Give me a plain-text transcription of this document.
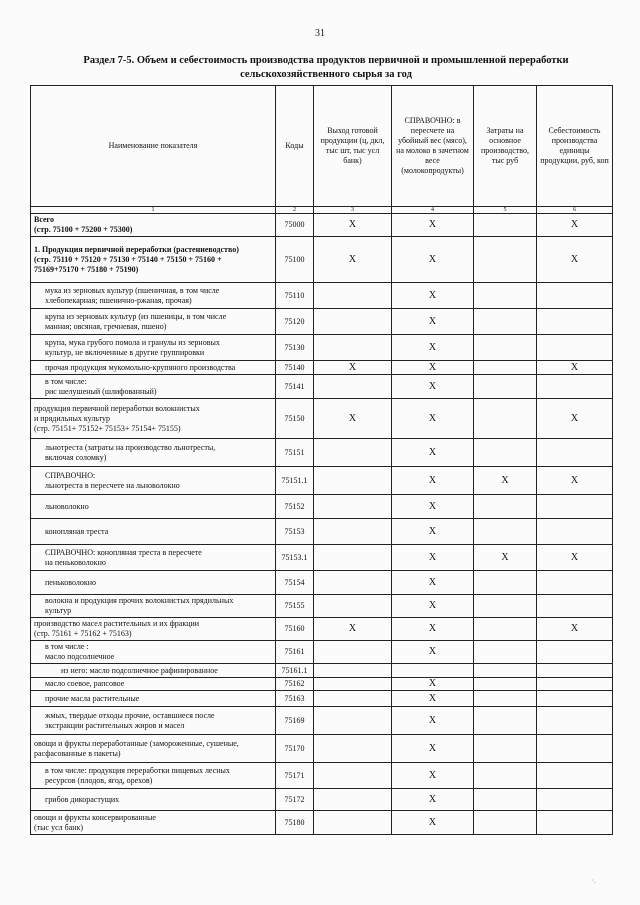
31
Раздел 7-5. Объем и себестоимость производства продуктов первичной и промышленной переработки
сельскохозяйственного сырья за год
Наименование показателя	Коды	Выход готовой продукции (ц, дкл, тыс шт, тыс усл банк)	СПРАВОЧНО: в пересчете на убойный вес (мясо), на молоко в зачетном весе (молокопродукты)	Затраты на основное производство, тыс руб	Себестоимость производства единицы продукции, руб, коп
1	2	3	4	5	6
Всего
(стр. 75100 + 75200 + 75300)	75000	X	X		X
1. Продукция первичной переработки (растениеводство)
(стр. 75110 + 75120 + 75130 + 75140 + 75150 + 75160 +
75169+75170 + 75180 + 75190)	75100	X	X		X
мука из зерновых культур (пшеничная, в том числе
хлебопекарная; пшенично-ржаная, прочая)	75110		X		
крупа из зерновых культур (из пшеницы, в том числе
манная; овсяная, гречневая, пшено)	75120		X		
крупа, мука грубого помола и гранулы из зерновых
культур, не включенные в другие группировки	75130		X		
прочая продукция мукомольно-крупяного производства	75140	X	X		X
в том числе:
рис шелушеный (шлифованный)	75141		X		
продукция первичной переработки волокнистых
и прядильных культур
(стр. 75151+ 75152+ 75153+ 75154+ 75155)	75150	X	X		X
льнотреста (затраты на производство льнотресты,
включая соломку)	75151		X		
СПРАВОЧНО:
льнотреста в пересчете на льноволокно	75151.1		X	X	X
льноволокно	75152		X		
конопляная треста	75153		X		
СПРАВОЧНО: конопляная треста в пересчете
на пеньковолокно	75153.1		X	X	X
пеньковолокно	75154		X		
волокна и продукция прочих волокнистых прядильных
культур	75155		X		
производство масел растительных и их фракции
(стр. 75161 + 75162 + 75163)	75160	X	X		X
в том числе :
масло подсолнечное	75161		X		
из него: масло подсолнечное рафинированное	75161.1				
масло соевое, рапсовое	75162		X		
прочие масла растительные	75163		X		
жмых, твердые отходы прочие, оставшиеся после
экстракции растительных жиров и масел	75169		X		
овощи и фрукты переработанные (замороженные, сушеные,
расфасованные в пакеты)	75170		X		
в том числе: продукция переработки пищевых лесных
ресурсов (плодов, ягод, орехов)	75171		X		
грибов дикорастущих	75172		X		
овощи и фрукты консервированные
(тыс усл банк)	75180		X		
·.
